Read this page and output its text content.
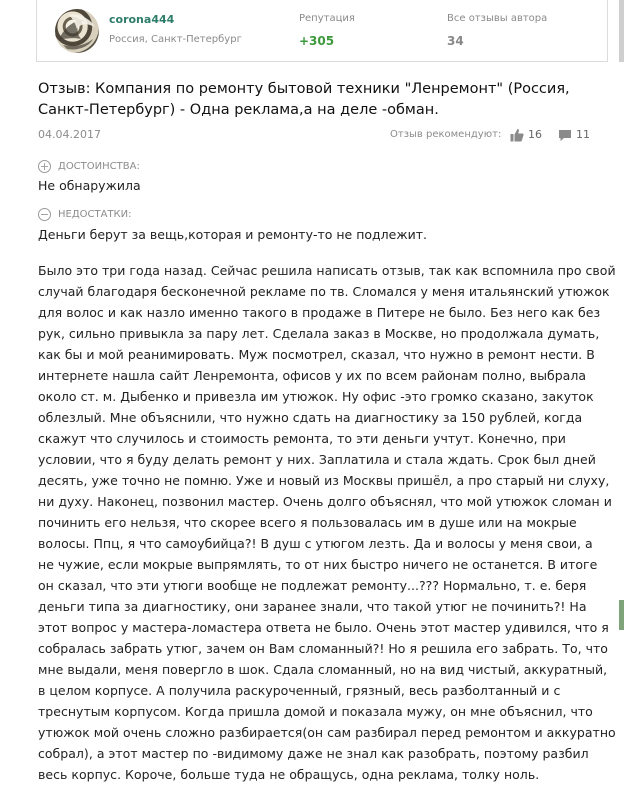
corona444
Россия, Санкт-Петербург
Репутация
+305
Все отзывы автора
34
Отзыв: Компания по ремонту бытовой техники "Ленремонт" (Россия, Санкт-Петербург) - Одна реклама,а на деле -обман.
04.04.2017	Отзыв рекомендуют: 16	11
+ ДОСТОИНСТВА:
Не обнаружила
− НЕДОСТАТКИ:
Деньги берут за вещь,которая и ремонту-то не подлежит.
Было это три года назад. Сейчас решила написать отзыв, так как вспомнила про свой
случай благодаря бесконечной рекламе по тв. Сломался у меня итальянский утюжок
для волос и как назло именно такого в продаже в Питере не было. Без него как без
рук, сильно привыкла за пару лет. Сделала заказ в Москве, но продолжала думать,
как бы и мой реанимировать. Муж посмотрел, сказал, что нужно в ремонт нести. В
интернете нашла сайт Ленремонта, офисов у их по всем районам полно, выбрала
около ст. м. Дыбенко и привезла им утюжок. Ну офис -это громко сказано, закуток
облезлый. Мне объяснили, что нужно сдать на диагностику за 150 рублей, когда
скажут что случилось и стоимость ремонта, то эти деньги учтут. Конечно, при
условии, что я буду делать ремонт у них. Заплатила и стала ждать. Срок был дней
десять, уже точно не помню. Уже и новый из Москвы пришёл, а про старый ни слуху,
ни духу. Наконец, позвонил мастер. Очень долго объяснял, что мой утюжок сломан и
починить его нельзя, что скорее всего я пользовалась им в душе или на мокрые
волосы. Ппц, я что самоубийца?! В душ с утюгом лезть. Да и волосы у меня свои, а
не чужие, если мокрые выпрямлять, то от них быстро ничего не останется. В итоге
он сказал, что эти утюги вообще не подлежат ремонту...??? Нормально, т. е. беря
деньги типа за диагностику, они заранее знали, что такой утюг не починить?! На
этот вопрос у мастера-ломастера ответа не было. Очень этот мастер удивился, что я
собралась забрать утюг, зачем он Вам сломанный?! Но я решила его забрать. То, что
мне выдали, меня повергло в шок. Сдала сломанный, но на вид чистый, аккуратный,
в целом корпусе. А получила раскуроченный, грязный, весь разболтанный и с
треснутым корпусом. Когда пришла домой и показала мужу, он мне объяснил, что
утюжок мой очень сложно разбирается(он сам разбирал перед ремонтом и аккуратно
собрал), а этот мастер по -видимому даже не знал как разобрать, поэтому разбил
весь корпус. Короче, больше туда не обращусь, одна реклама, толку ноль.
